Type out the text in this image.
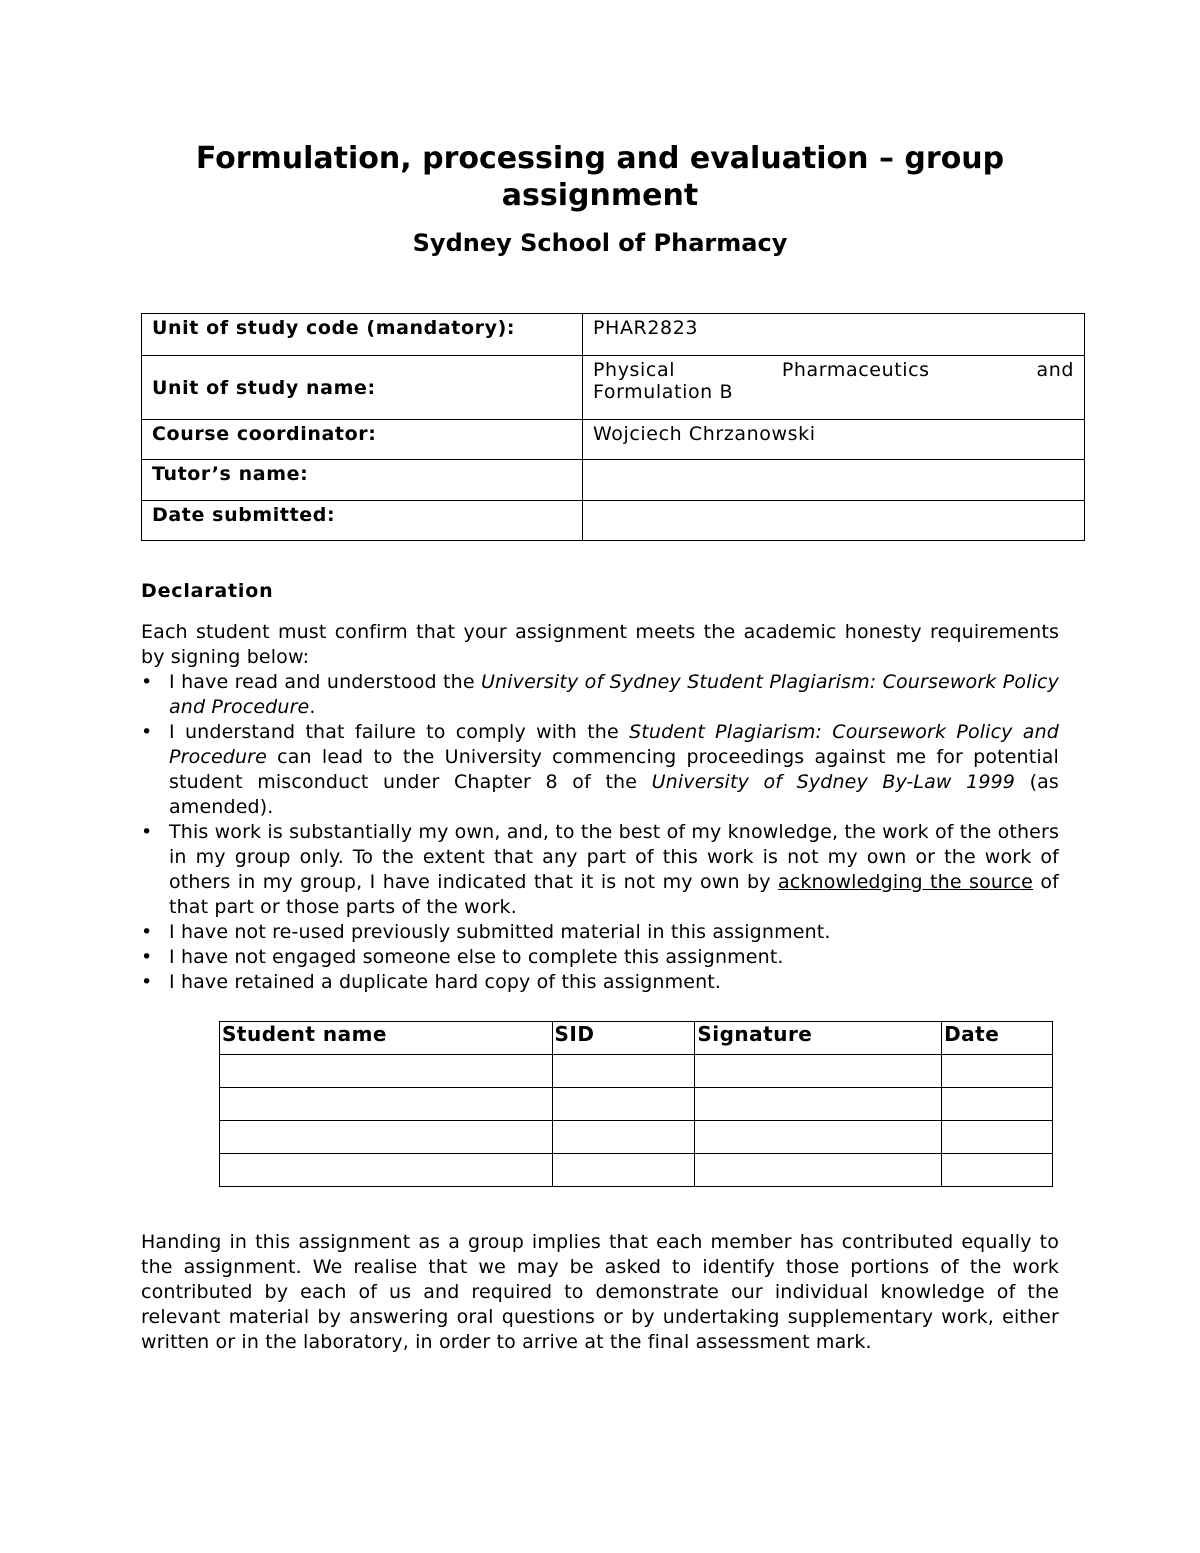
Formulation, processing and evaluation – group assignment
Sydney School of Pharmacy
Unit of study code (mandatory):	PHAR2823
Unit of study name:	Physical Pharmaceutics and
Formulation B

Course coordinator:	Wojciech Chrzanowski
Tutor’s name:	
Date submitted:	
Declaration

Each student must confirm that your assignment meets the academic honesty requirements by signing below:

• I have read and understood the University of Sydney Student Plagiarism: Coursework Policy and Procedure.
• I understand that failure to comply with the Student Plagiarism: Coursework Policy and Procedure can lead to the University commencing proceedings against me for potential student misconduct under Chapter 8 of the University of Sydney By-Law 1999 (as amended).
• This work is substantially my own, and, to the best of my knowledge, the work of the others in my group only. To the extent that any part of this work is not my own or the work of others in my group, I have indicated that it is not my own by acknowledging the source of that part or those parts of the work.
• I have not re-used previously submitted material in this assignment.
• I have not engaged someone else to complete this assignment.
• I have retained a duplicate hard copy of this assignment.
Student name	SID	Signature	Date

Handing in this assignment as a group implies that each member has contributed equally to the assignment. We realise that we may be asked to identify those portions of the work contributed by each of us and required to demonstrate our individual knowledge of the relevant material by answering oral questions or by undertaking supplementary work, either written or in the laboratory, in order to arrive at the final assessment mark.
